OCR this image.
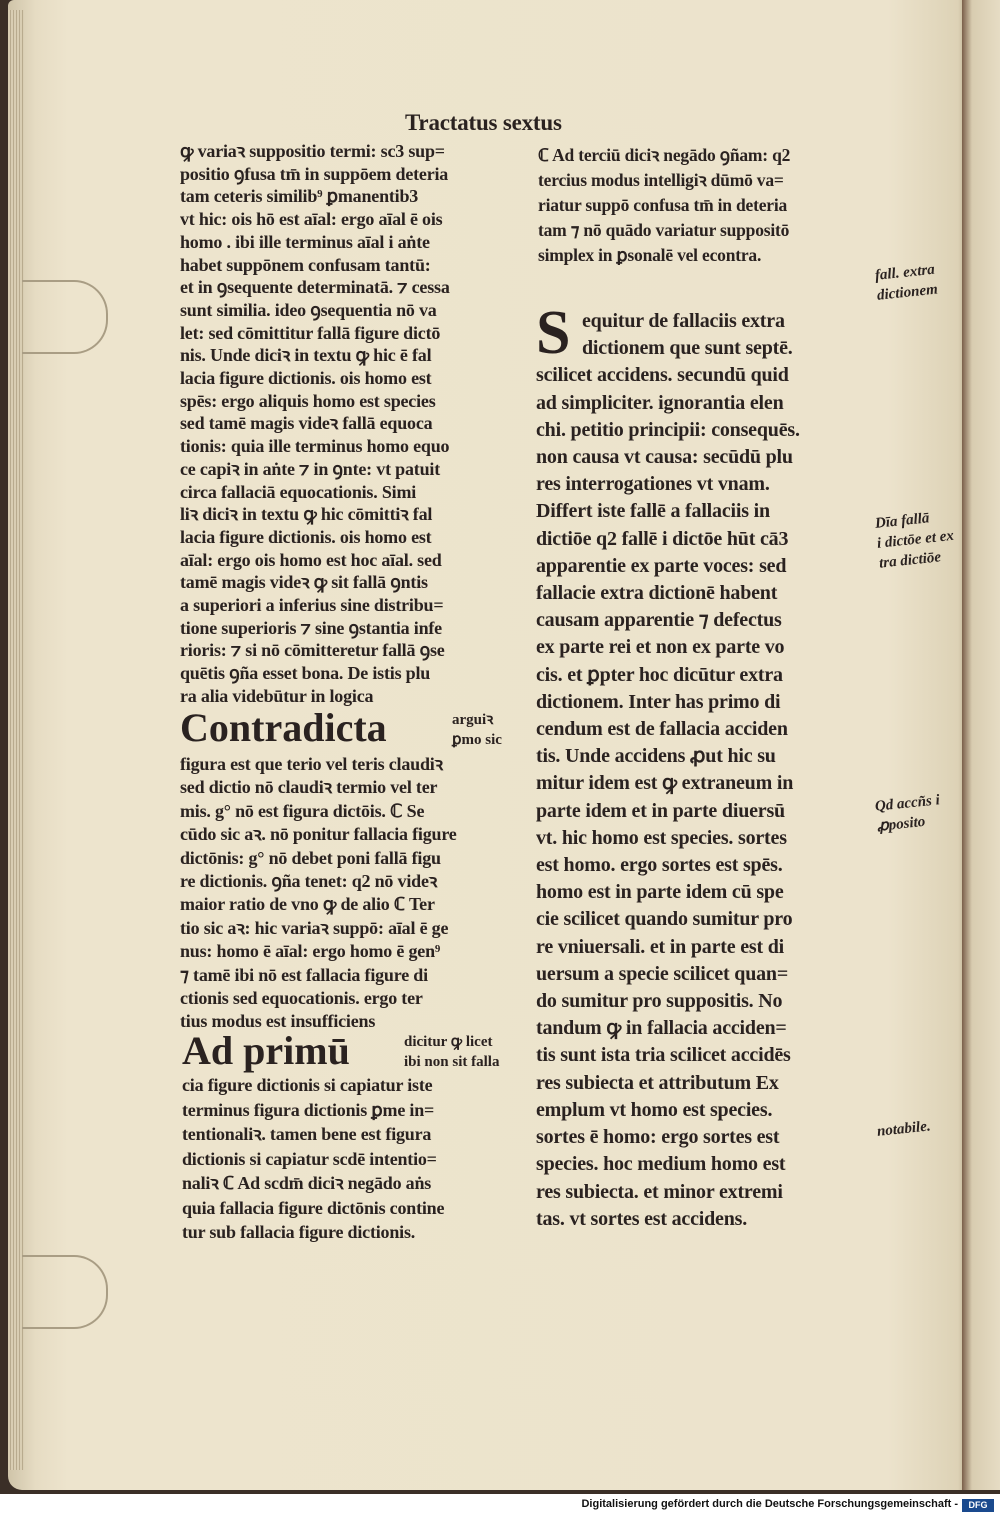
Tractatus sextus
ꝙ variaꝛ suppositio termi: sc3 sup=
positio ꝯfusa tm̄ in suppōem deteria
tam ceteris similib⁹ ꝑmanentib3
vt hic: ois hō est aīal: ergo aīal ē ois
homo . ibi ille terminus aīal i aṅte
habet suppōnem confusam tantū:
et in ꝯsequente determinatā. ⁊ cessa
sunt similia. ideo ꝯsequentia nō va
let: sed cōmittitur fallā figure dictō
nis. Unde diciꝛ in textu ꝙ hic ē fal
lacia figure dictionis. ois homo est
spēs: ergo aliquis homo est species
sed tamē magis videꝛ fallā equoca
tionis: quia ille terminus homo equo
ce capiꝛ in aṅte ⁊ in ꝯnte: vt patuit
circa fallaciā equocationis. Simi
liꝛ diciꝛ in textu ꝙ hic cōmittiꝛ fal
lacia figure dictionis. ois homo est
aīal: ergo ois homo est hoc aīal. sed
tamē magis videꝛ ꝙ sit fallā ꝯntis
a superiori a inferius sine distribu=
tione superioris ⁊ sine ꝯstantia infe
rioris: ⁊ si nō cōmitteretur fallā ꝯse
quētis ꝯña esset bona. De istis plu
ra alia videbūtur in logica
Contradicta	arguiꝛ
ꝑmo sic
figura est que terio vel teris claudiꝛ
sed dictio nō claudiꝛ termio vel ter
mis. g° nō est figura dictōis. ℂ Se
cūdo sic aꝛ. nō ponitur fallacia figure
dictōnis: g° nō debet poni fallā figu
re dictionis. ꝯña tenet: q2 nō videꝛ
maior ratio de vno ꝙ de alio ℂ Ter
tio sic aꝛ: hic variaꝛ suppō: aīal ē ge
nus: homo ē aīal: ergo homo ē gen⁹
⁊ tamē ibi nō est fallacia figure di
ctionis sed equocationis. ergo ter
tius modus est insufficiens
Ad primū	dicitur ꝙ licet
ibi non sit falla
cia figure dictionis si capiatur iste
terminus figura dictionis ꝑme in=
tentionaliꝛ. tamen bene est figura
dictionis si capiatur scdē intentio=
naliꝛ ℂ Ad scdm̄ diciꝛ negādo aṅs
quia fallacia figure dictōnis contine
tur sub fallacia figure dictionis.
ℂ Ad terciū diciꝛ negādo ꝯñam: q2
tercius modus intelligiꝛ dūmō va=
riatur suppō confusa tm̄ in deteria
tam ⁊ nō quādo variatur suppositō
simplex in ꝑsonalē vel econtra.
S equitur de fallaciis extra
dictionem que sunt septē.
scilicet accidens. secundū quid
ad simpliciter. ignorantia elen
chi. petitio principii: consequēs.
non causa vt causa: secūdū plu
res interrogationes vt vnam.
Differt iste fallē a fallaciis in
dictiōe q2 fallē i dictōe hūt cā3
apparentie ex parte voces: sed
fallacie extra dictionē habent
causam apparentie ⁊ defectus
ex parte rei et non ex parte vo
cis. et ꝑpter hoc dicūtur extra
dictionem. Inter has primo di
cendum est de fallacia acciden
tis. Unde accidens ꝓut hic su
mitur idem est ꝙ extraneum in
parte idem et in parte diuersū
vt. hic homo est species. sortes
est homo. ergo sortes est spēs.
homo est in parte idem cū spe
cie scilicet quando sumitur pro
re vniuersali. et in parte est di
uersum a specie scilicet quan=
do sumitur pro suppositis. No
tandum ꝙ in fallacia acciden=
tis sunt ista tria scilicet accidēs
res subiecta et attributum Ex
emplum vt homo est species.
sortes ē homo: ergo sortes est
species. hoc medium homo est
res subiecta. et minor extremi
tas. vt sortes est accidens.
fall. extra
dictionem
Dīa fallā
i dictōe et ex
tra dictiōe
Qd accñs i
ꝓposito
notabile.
Digitalisierung gefördert durch die Deutsche Forschungsgemeinschaft -	DFG
